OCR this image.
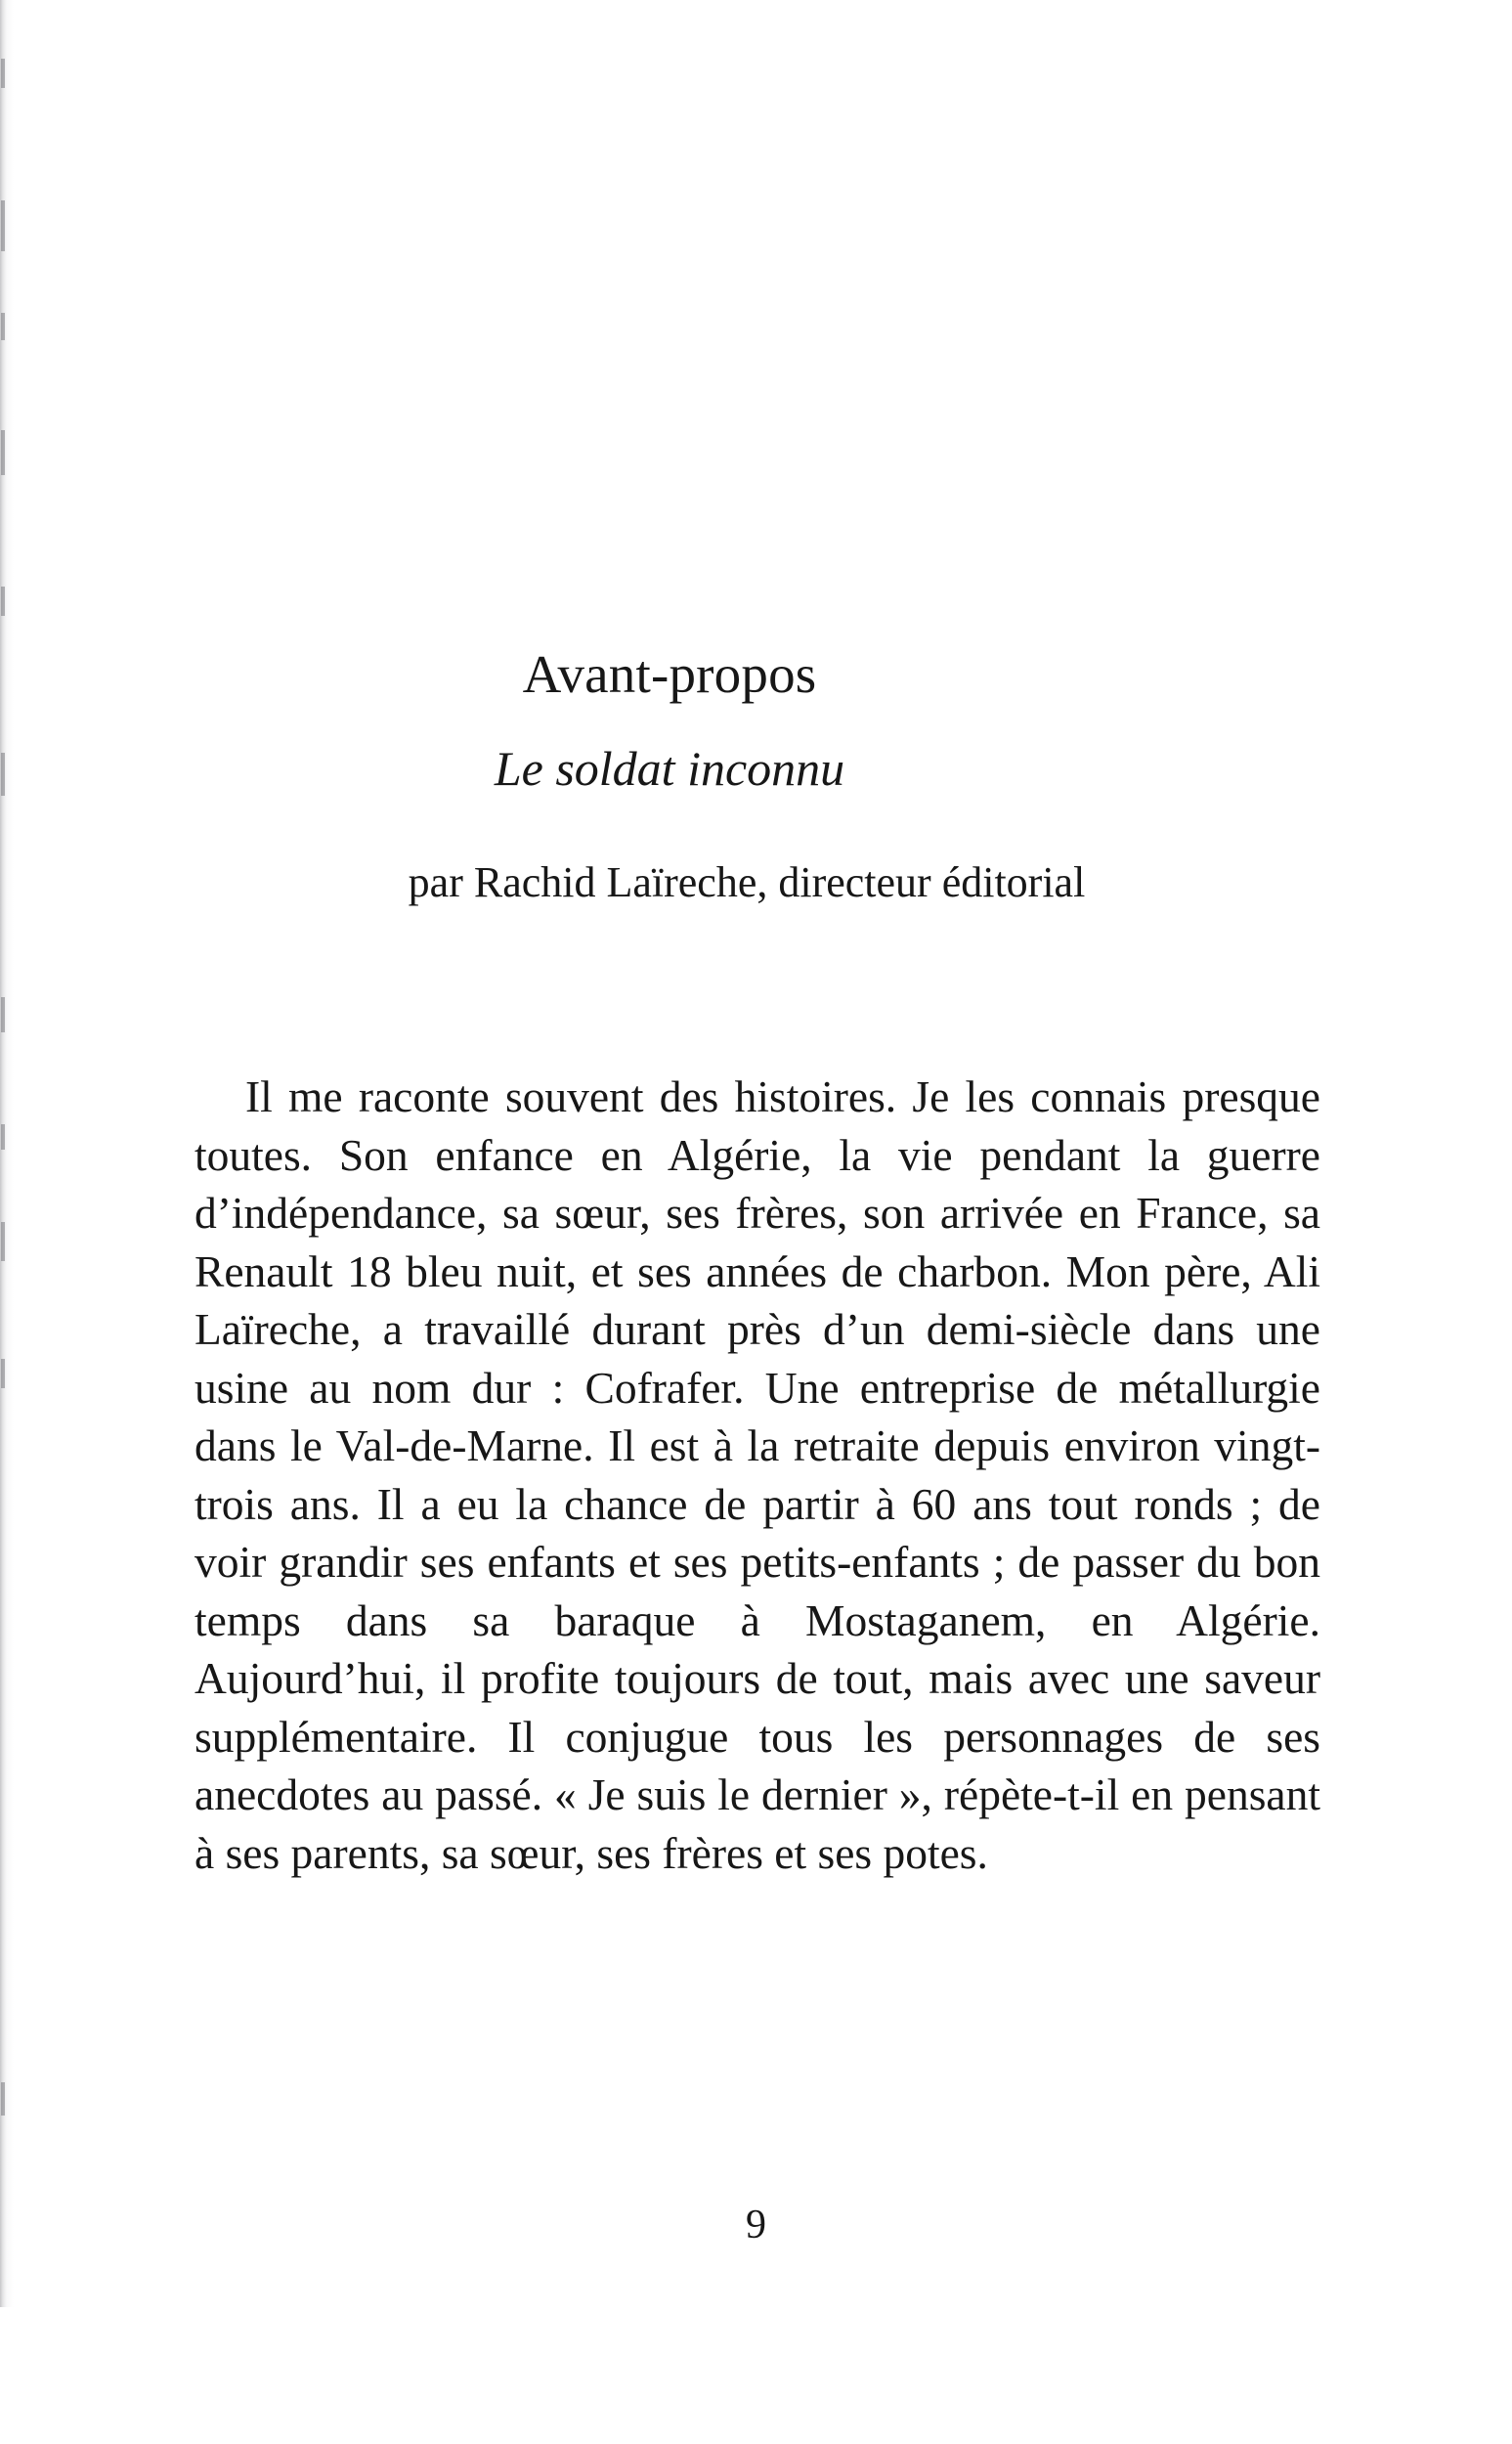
Avant-propos

Le soldat inconnu

par Rachid Laïreche, directeur éditorial

Il me raconte souvent des histoires. Je les connais presque toutes. Son enfance en Algérie, la vie pendant la guerre d’indépendance, sa sœur, ses frères, son arrivée en France, sa Renault 18 bleu nuit, et ses années de charbon. Mon père, Ali Laïreche, a travaillé durant près d’un demi-siècle dans une usine au nom dur : Cofrafer. Une entreprise de métallurgie dans le Val-de-Marne. Il est à la retraite depuis environ vingt-trois ans. Il a eu la chance de partir à 60 ans tout ronds ; de voir grandir ses enfants et ses petits-enfants ; de passer du bon temps dans sa baraque à Mostaganem, en Algérie. Aujourd’hui, il profite toujours de tout, mais avec une saveur supplémentaire. Il conjugue tous les personnages de ses anecdotes au passé. « Je suis le dernier », répète-t-il en pensant à ses parents, sa sœur, ses frères et ses potes.

9
